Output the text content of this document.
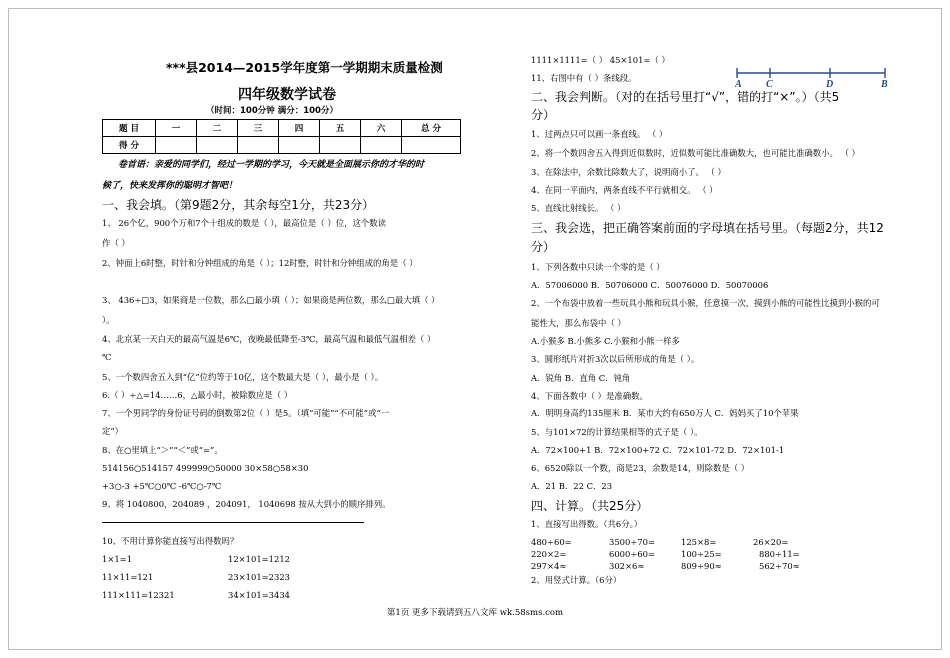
***县2014—2015学年度第一学期期末质量检测
四年级数学试卷
（时间：100分钟 满分：100分）
题 目	一	二	三	四	五	六	总 分
得 分							
卷首语：亲爱的同学们，经过一学期的学习，今天就是全面展示你的才华的时
候了，快来发挥你的聪明才智吧！
一、我会填。（第9题2分，其余每空1分，共23分）
1、 26个亿，900个万和7个十组成的数是（ ），最高位是（ ）位，这个数读
作（ ）
2、钟面上6时整，时针和分钟组成的角是（ ）；12时整，时针和分钟组成的角是（ ）
3、 436÷□3，如果商是一位数，那么□最小填（ ）；如果商是两位数，那么□最大填（ ）
）。
4、北京某一天白天的最高气温是6℃，夜晚最低降至-3℃，最高气温和最低气温相差（ ）
℃
5、一个数四舍五入到“亿”位约等于10亿，这个数最大是（ ），最小是（ ）。
6.（ ）÷△=14……6，△最小时，被除数应是（ ）
7、一个男同学的身份证号码的倒数第2位（ ）是5。（填“可能”“不可能”或“一
定”）
8、在○里填上“＞”“＜”或“=”。
514156○514157 499999○50000 30×58○58×30
+3○-3 +5℃○0℃ -6℃○-7℃
9、将 1040800，204089 ，204091， 1040698 按从大到小的顺序排列。
10、不用计算你能直接写出得数吗？
1×1=1	12×101=1212
11×11=121	23×101=2323
111×111=12321	34×101=3434
1111×1111=（ ） 45×101=（ ）
11、右图中有（ ）条线段。
A C	D	B
二、我会判断。（对的在括号里打“√”，错的打“×”。）（共5
分）
1、过两点只可以画一条直线。 （ ）
2、将一个数四舍五入得到近似数时，近似数可能比准确数大，也可能比准确数小。 （ ）
3、在除法中，余数比除数大了，说明商小了。 （ ）
4、在同一平面内，两条直线不平行就相交。 （ ）
5、直线比射线长。 （ ）
三、我会选，把正确答案前面的字母填在括号里。（每题2分，共12
分）
1、下列各数中只读一个零的是（ ）
A．57006000 B．50706000 C．50076000 D．50070006
2、一个布袋中放着一些玩具小熊和玩具小猴，任意摸一次，摸到小熊的可能性比摸到小猴的可
能性大，那么布袋中（ ）
A.小猴多 B.小熊多 C.小猴和小熊一样多
3、圆形纸片对折3次以后所形成的角是（ ）。
A．锐角 B．直角 C．钝角
4、下面各数中（ ）是准确数。
A．明明身高约135厘米 B．某市大约有650万人 C．妈妈买了10个苹果
5、与101×72的计算结果相等的式子是（ ）。
A．72×100+1 B．72×100+72 C．72×101-72 D．72×101-1
6、6520除以一个数，商是23，余数是14，则除数是（ ）
A．21 B．22 C．23
四、计算。（共25分）
1、直接写出得数。（共6分。）
480÷60=	3500÷70=	125×8=	26×20=
220×2=	6000÷60=	100÷25=	880÷11=
297×4≈	302×6≈	809÷90≈	562÷70≈
2、用竖式计算。（6分）
第1页 更多下载请到五八文库 wk.58sms.com
